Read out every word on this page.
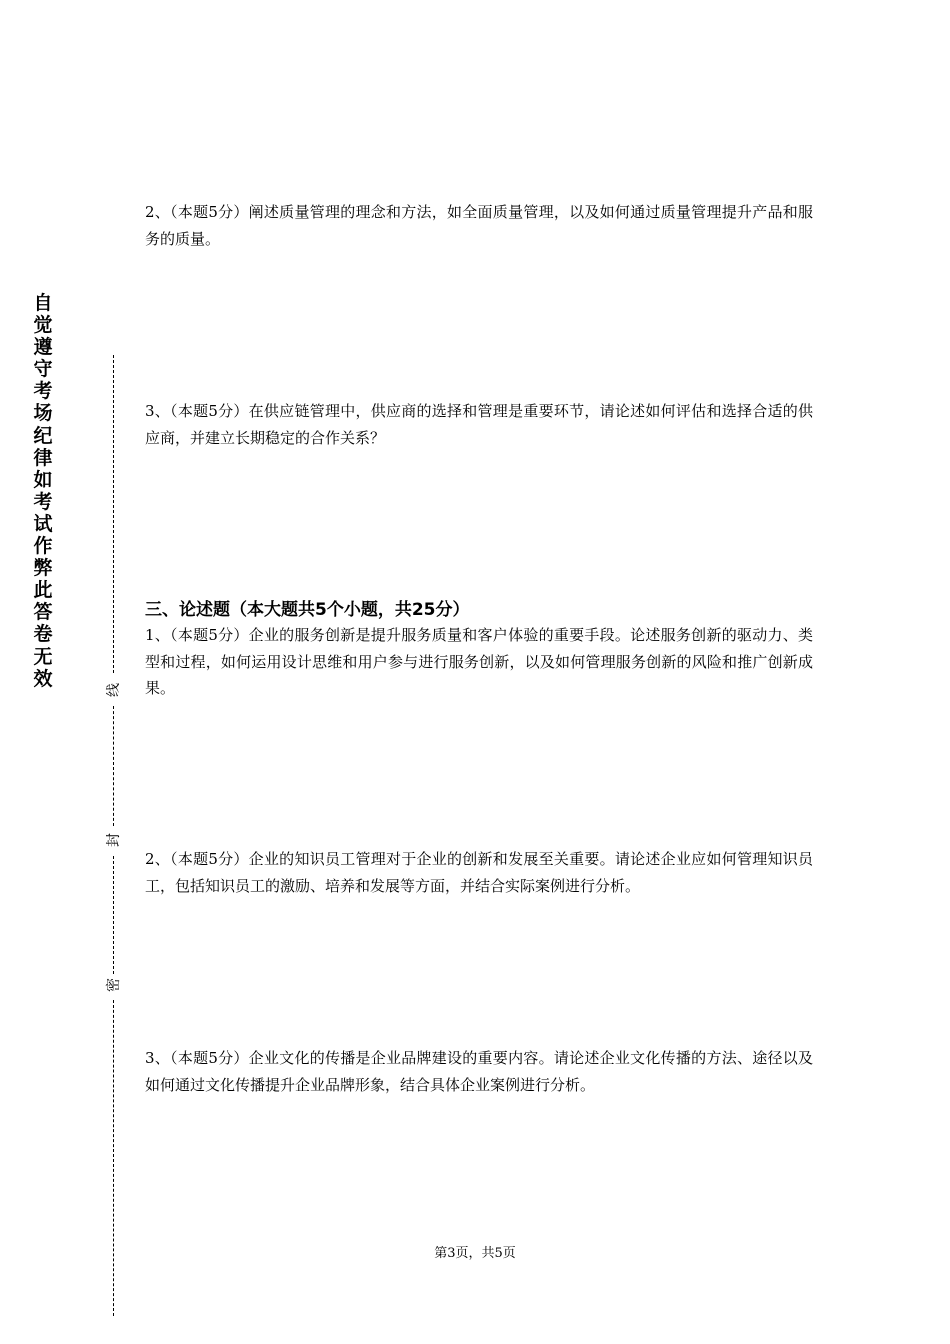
自觉遵守考场纪律如考试作弊此答卷无效
线
封
密
2、（本题5分）阐述质量管理的理念和方法，如全面质量管理，以及如何通过质量管理提升产品和服务的质量。
3、（本题5分）在供应链管理中，供应商的选择和管理是重要环节，请论述如何评估和选择合适的供应商，并建立长期稳定的合作关系？
三、论述题（本大题共5个小题，共25分）
1、（本题5分）企业的服务创新是提升服务质量和客户体验的重要手段。论述服务创新的驱动力、类型和过程，如何运用设计思维和用户参与进行服务创新，以及如何管理服务创新的风险和推广创新成果。
2、（本题5分）企业的知识员工管理对于企业的创新和发展至关重要。请论述企业应如何管理知识员工，包括知识员工的激励、培养和发展等方面，并结合实际案例进行分析。
3、（本题5分）企业文化的传播是企业品牌建设的重要内容。请论述企业文化传播的方法、途径以及如何通过文化传播提升企业品牌形象，结合具体企业案例进行分析。
第3页，共5页
